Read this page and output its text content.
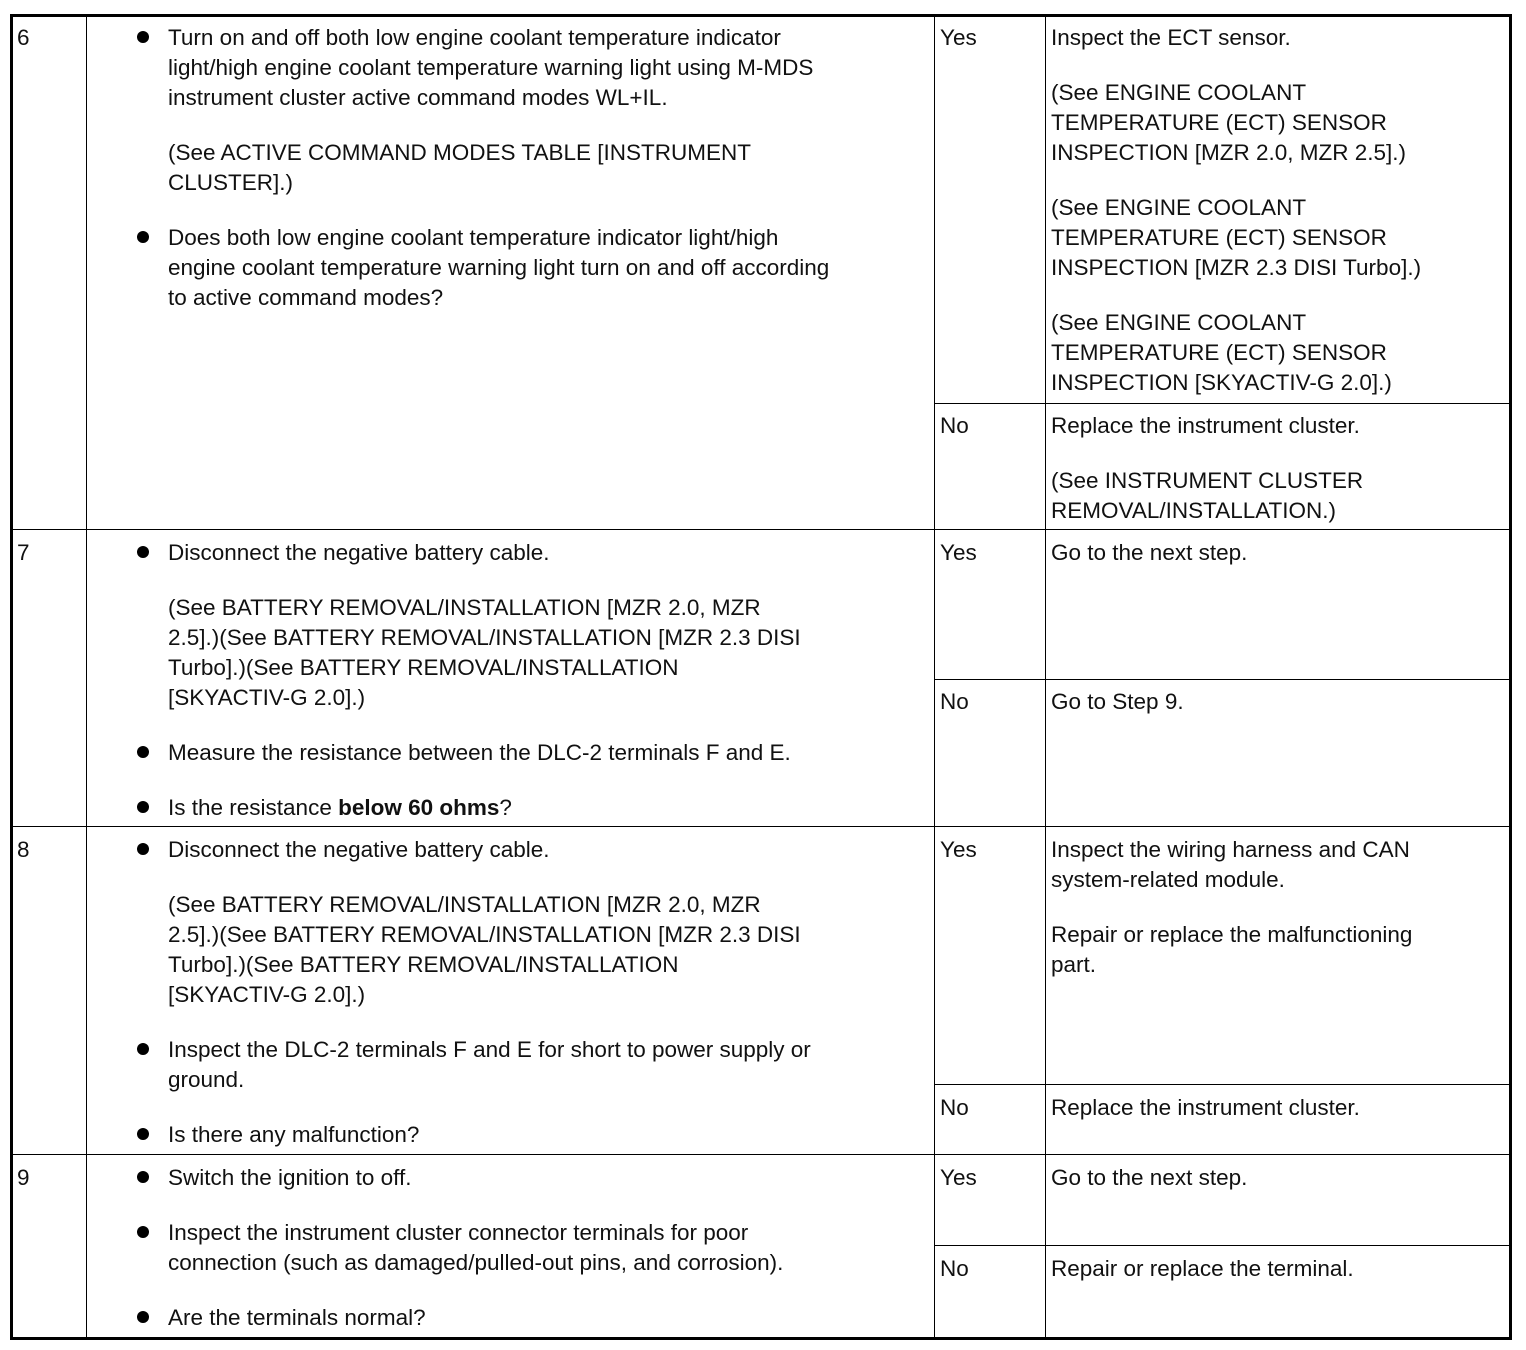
6	Turn on and off both low engine coolant temperature indicator
light/high engine coolant temperature warning light using M-MDS
instrument cluster active command modes WL+IL.
(See ACTIVE COMMAND MODES TABLE [INSTRUMENT
CLUSTER].)
Does both low engine coolant temperature indicator light/high
engine coolant temperature warning light turn on and off according
to active command modes?
Yes	Inspect the ECT sensor.
(See ENGINE COOLANT
TEMPERATURE (ECT) SENSOR
INSPECTION [MZR 2.0, MZR 2.5].)
(See ENGINE COOLANT
TEMPERATURE (ECT) SENSOR
INSPECTION [MZR 2.3 DISI Turbo].)
(See ENGINE COOLANT
TEMPERATURE (ECT) SENSOR
INSPECTION [SKYACTIV-G 2.0].)
No	Replace the instrument cluster.
(See INSTRUMENT CLUSTER
REMOVAL/INSTALLATION.)
7	Disconnect the negative battery cable.
(See BATTERY REMOVAL/INSTALLATION [MZR 2.0, MZR
2.5].)(See BATTERY REMOVAL/INSTALLATION [MZR 2.3 DISI
Turbo].)(See BATTERY REMOVAL/INSTALLATION
[SKYACTIV-G 2.0].)
Measure the resistance between the DLC-2 terminals F and E.
Is the resistance below 60 ohms?
Yes	Go to the next step.
No	Go to Step 9.
8	Disconnect the negative battery cable.
(See BATTERY REMOVAL/INSTALLATION [MZR 2.0, MZR
2.5].)(See BATTERY REMOVAL/INSTALLATION [MZR 2.3 DISI
Turbo].)(See BATTERY REMOVAL/INSTALLATION
[SKYACTIV-G 2.0].)
Inspect the DLC-2 terminals F and E for short to power supply or
ground.
Is there any malfunction?
Yes	Inspect the wiring harness and CAN
system-related module.
Repair or replace the malfunctioning
part.
No	Replace the instrument cluster.
9	Switch the ignition to off.
Inspect the instrument cluster connector terminals for poor
connection (such as damaged/pulled-out pins, and corrosion).
Are the terminals normal?
Yes	Go to the next step.
No	Repair or replace the terminal.
